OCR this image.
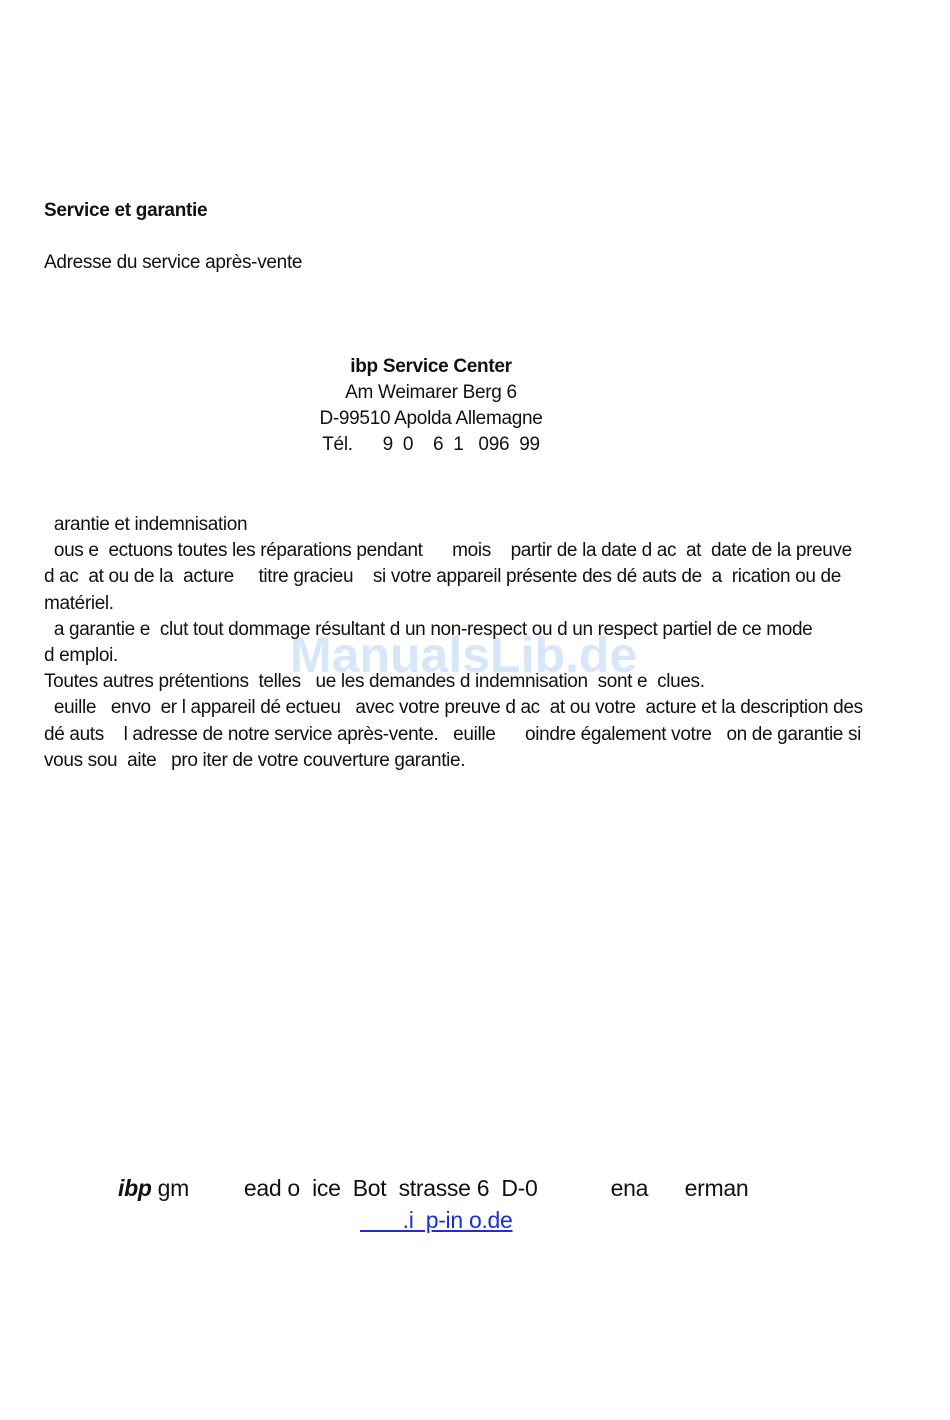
Service et garantie
Adresse du service après-vente
ibp Service Center
Am Weimarer Berg 6
D-99510 Apolda Allemagne
Tél.      9  0    6  1   096  99
arantie et indemnisation
ous e  ectuons toutes les réparations pendant      mois    partir de la date d ac  at  date de la preuve
d ac  at ou de la  acture     titre gracieu    si votre appareil présente des dé auts de  a  rication ou de
matériel.
a garantie e  clut tout dommage résultant d un non-respect ou d un respect partiel de ce mode
d emploi.
Toutes autres prétentions  telles   ue les demandes d indemnisation  sont e  clues.
euille   envo  er l appareil dé ectueu   avec votre preuve d ac  at ou votre  acture et la description des
dé auts    l adresse de notre service après-vente.   euille      oindre également votre   on de garantie si
vous sou  aite   pro iter de votre couverture garantie.
ManualsLib.de
ibp gm         ead o  ice  Bot  strasse 6  D-0            ena      erman
.i  p-in o.de
